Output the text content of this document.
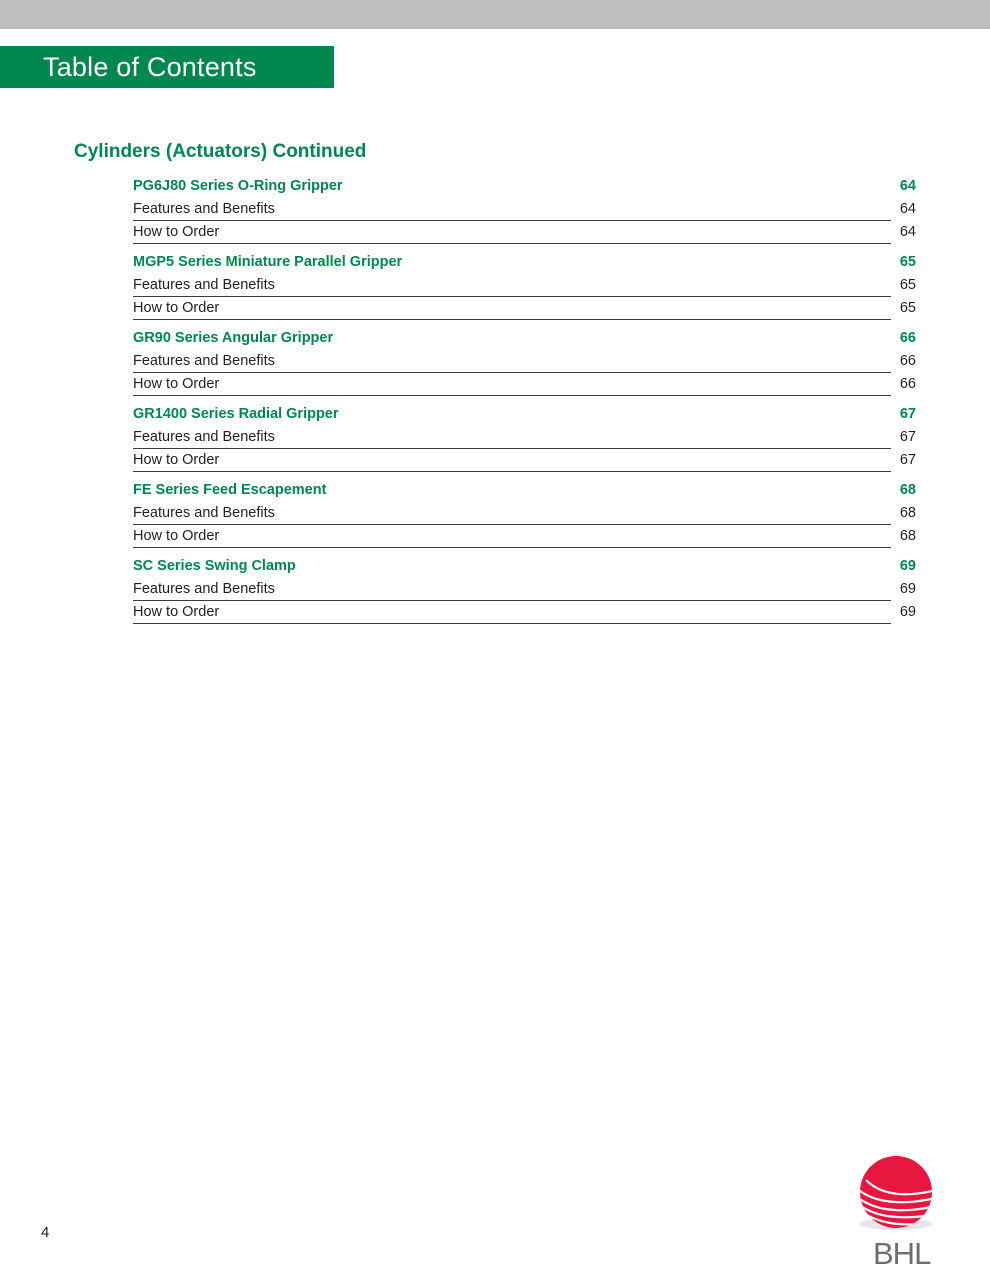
Table of Contents
Cylinders (Actuators) Continued
PG6J80 Series O-Ring Gripper	64
Features and Benefits	64
How to Order	64
MGP5 Series Miniature Parallel Gripper	65
Features and Benefits	65
How to Order	65
GR90 Series Angular Gripper	66
Features and Benefits	66
How to Order	66
GR1400 Series Radial Gripper	67
Features and Benefits	67
How to Order	67
FE Series Feed Escapement	68
Features and Benefits	68
How to Order	68
SC Series Swing Clamp	69
Features and Benefits	69
How to Order	69
4
BHL
